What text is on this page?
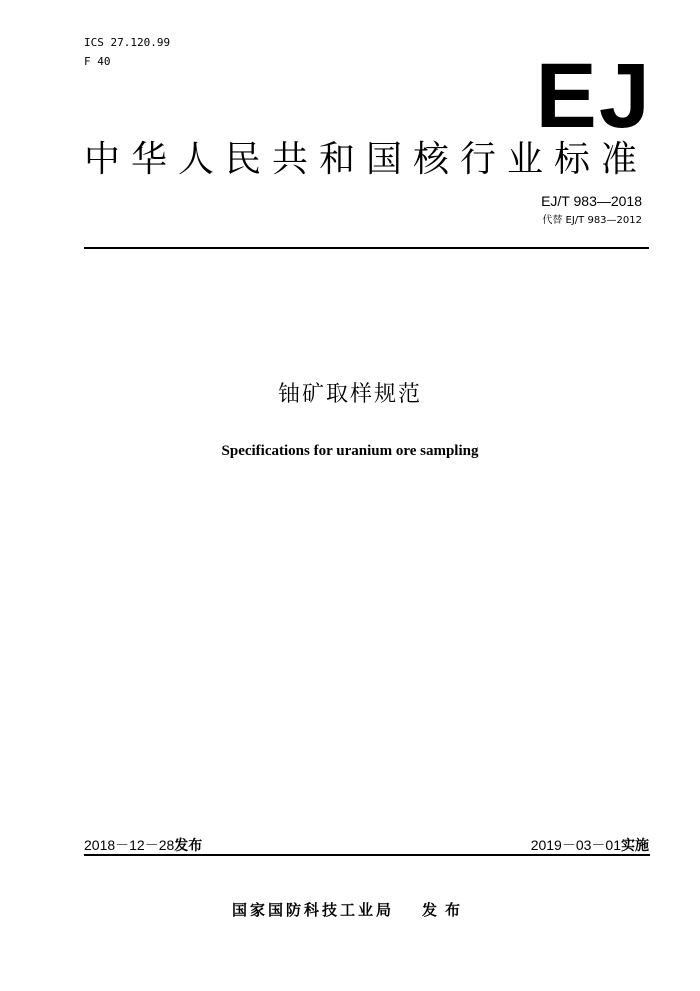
ICS 27.120.99
F 40	EJ
中华人民共和国核行业标准
EJ/T 983—2018
代替 EJ/T 983—2012
铀矿取样规范
Specifications for uranium ore sampling
2018－12－28发布	2019－03－01实施
国家国防科技工业局 发布
